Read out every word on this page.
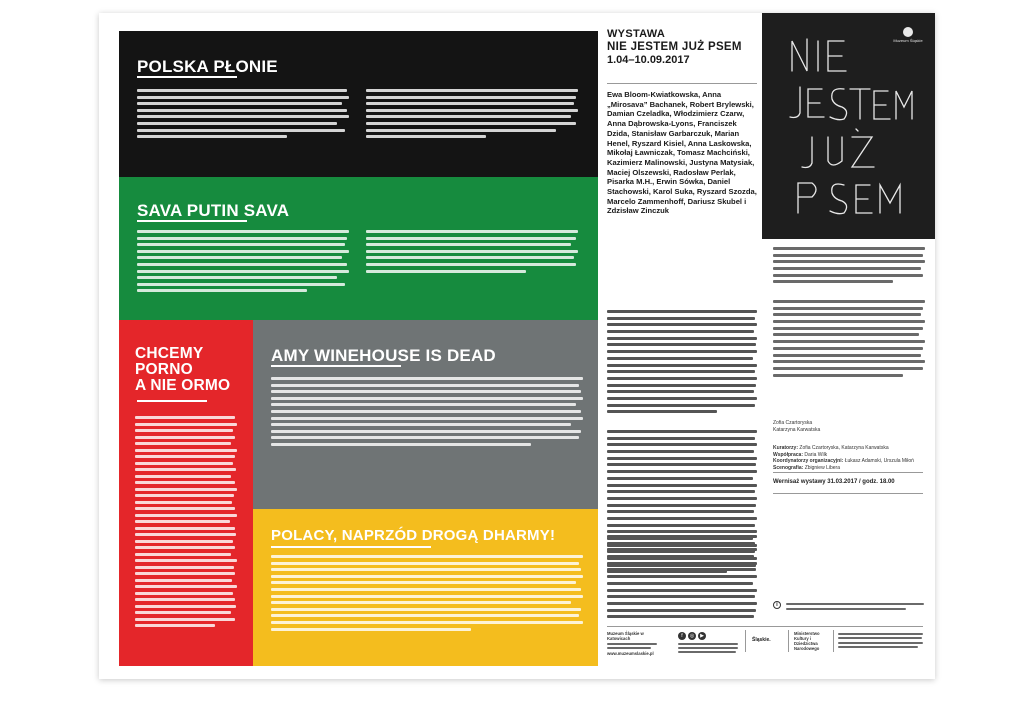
POLSKA PŁONIE
SAVA PUTIN SAVA
CHCEMY
PORNO
A NIE ORMO
AMY WINEHOUSE IS DEAD
POLACY, NAPRZÓD DROGĄ DHARMY!
WYSTAWA
NIE JESTEM JUŻ PSEM
1.04–10.09.2017
Ewa Bloom-Kwiatkowska, Anna „Mirosava” Bachanek, Robert Brylewski, Damian Czeladka, Włodzimierz Czarw, Anna Dąbrowska-Lyons, Franciszek Dzida, Stanisław Garbarczuk, Marian Henel, Ryszard Kisiel, Anna Laskowska, Mikołaj Ławniczak, Tomasz Machciński, Kazimierz Malinowski, Justyna Matysiak, Maciej Olszewski, Radosław Perlak, Pisarka M.H., Erwin Sówka, Daniel Stachowski, Karol Suka, Ryszard Szozda, Marcelo Zammenhoff, Dariusz Skubel i Zdzisław Zinczuk
Muzeum Śląskie
Zofia Czartoryska
Katarzyna Karwatska
Kuratorzy: Zofia Czartoryska, Katarzyna Karwatska
Współpraca: Daria Wilk
Koordynatorzy organizacyjni: Łukasz Adamski, Urszula Miłoń
Scenografia: Zbigniew Libera
Wernisaż wystawy 31.03.2017 / godz. 18.00
i
Muzeum Śląskie w Katowicach
www.muzeumslaskie.pl
f	◎	▶
Śląskie.
Ministerstwo Kultury i Dziedzictwa Narodowego
